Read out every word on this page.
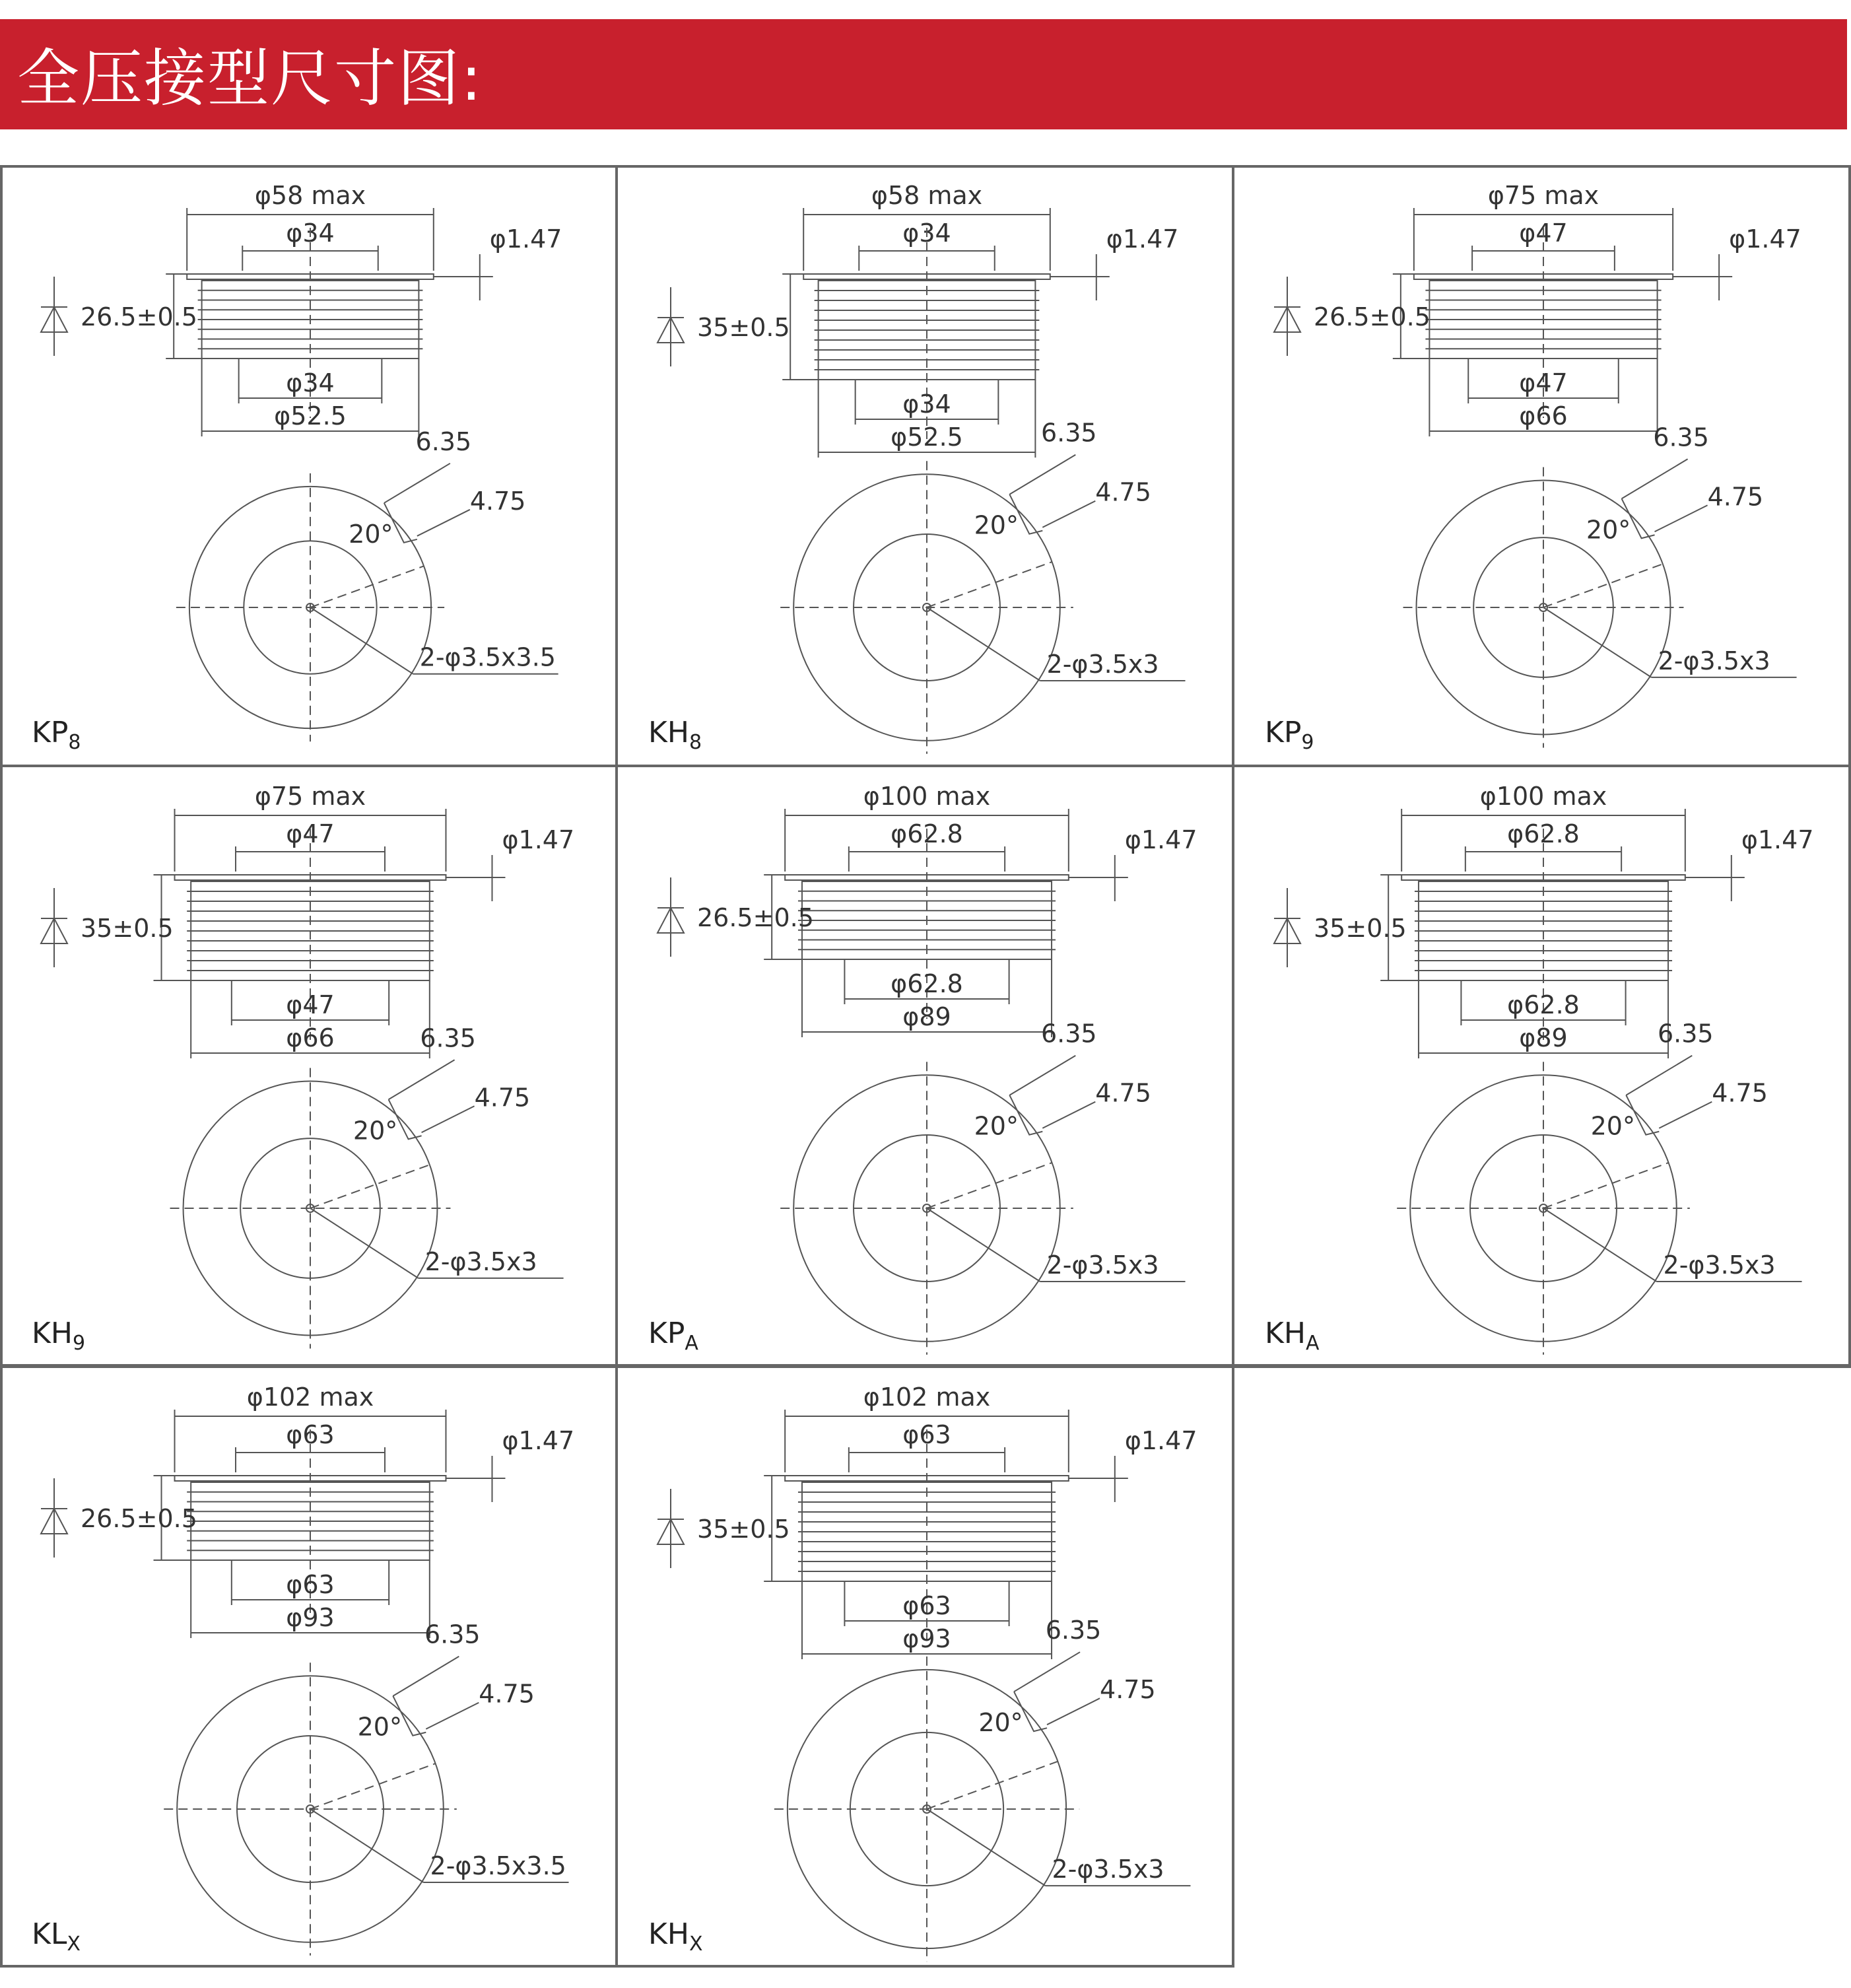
全压接型尺寸图:
φ58 max
φ34	φ1.47
26.5±0.5
φ34
φ52.5
6.35
4.75
20°
2-φ3.5x3.5
$KP_8$
φ58 max
φ34	φ1.47
35±0.5
φ34
φ52.5	6.35
4.75
20°
2-φ3.5x3
$KH_8$
φ75 max
φ47	φ1.47
26.5±0.5
φ47
φ66
6.35
4.75
20°
2-φ3.5x3
$KP_9$
φ75 max
φ47	φ1.47
35±0.5
φ47
φ66	6.35
4.75
20°
2-φ3.5x3
$KH_9$
φ100 max
φ62.8	φ1.47
26.5±0.5
φ62.8
φ89
6.35
4.75
20°
2-φ3.5x3
$KP_A$
φ100 max
φ62.8	φ1.47
35±0.5
φ62.8
φ89	6.35
4.75
20°
2-φ3.5x3
$KH_A$
φ102 max
φ63	φ1.47
26.5±0.5
φ63
φ93
6.35
4.75
20°
2-φ3.5x3.5
$KL_X$
φ102 max
φ63	φ1.47
35±0.5
φ63
φ93	6.35
4.75
20°
2-φ3.5x3
$KH_X$
